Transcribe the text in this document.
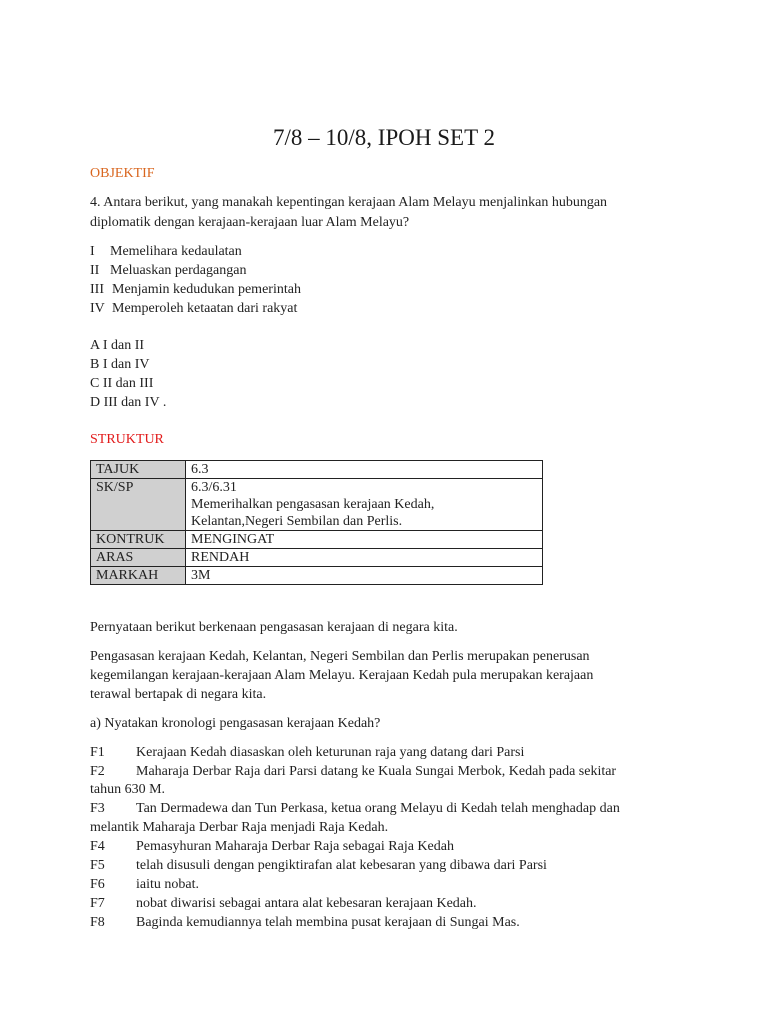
7/8 – 10/8, IPOH SET 2
OBJEKTIF
4. Antara berikut, yang manakah kepentingan kerajaan Alam Melayu menjalinkan hubungan
diplomatik dengan kerajaan-kerajaan luar Alam Melayu?
I Memelihara kedaulatan
II Meluaskan perdagangan
III Menjamin kedudukan pemerintah
IV Memperoleh ketaatan dari rakyat
A I dan II
B I dan IV
C II dan III
D III dan IV .
STRUKTUR
TAJUK	6.3
SK/SP	6.3/6.31
Memerihalkan pengasasan kerajaan Kedah,
Kelantan,Negeri Sembilan dan Perlis.

KONTRUK	MENGINGAT
ARAS	RENDAH
MARKAH	3M
Pernyataan berikut berkenaan pengasasan kerajaan di negara kita.
Pengasasan kerajaan Kedah, Kelantan, Negeri Sembilan dan Perlis merupakan penerusan
kegemilangan kerajaan-kerajaan Alam Melayu. Kerajaan Kedah pula merupakan kerajaan
terawal bertapak di negara kita.
a) Nyatakan kronologi pengasasan kerajaan Kedah?
F1 Kerajaan Kedah diasaskan oleh keturunan raja yang datang dari Parsi
F2 Maharaja Derbar Raja dari Parsi datang ke Kuala Sungai Merbok, Kedah pada sekitar
tahun 630 M.
F3 Tan Dermadewa dan Tun Perkasa, ketua orang Melayu di Kedah telah menghadap dan
melantik Maharaja Derbar Raja menjadi Raja Kedah.
F4 Pemasyhuran Maharaja Derbar Raja sebagai Raja Kedah
F5 telah disusuli dengan pengiktirafan alat kebesaran yang dibawa dari Parsi
F6 iaitu nobat.
F7 nobat diwarisi sebagai antara alat kebesaran kerajaan Kedah.
F8 Baginda kemudiannya telah membina pusat kerajaan di Sungai Mas.
